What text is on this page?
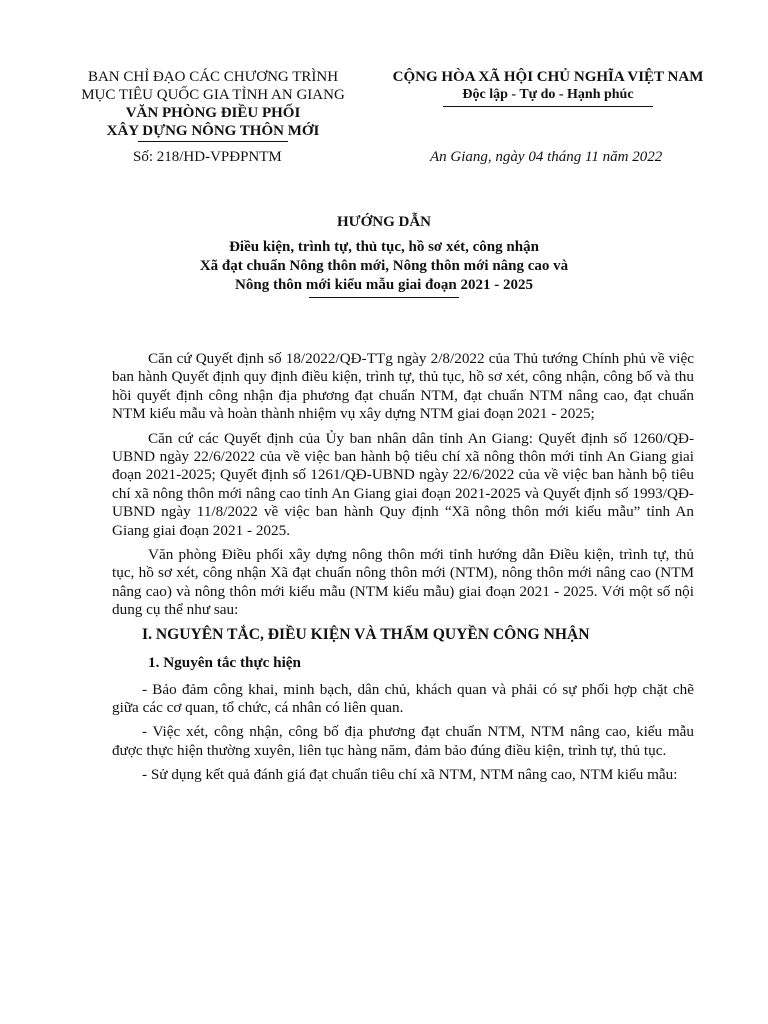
BAN CHỈ ĐẠO CÁC CHƯƠNG TRÌNH
MỤC TIÊU QUỐC GIA TỈNH AN GIANG
VĂN PHÒNG ĐIỀU PHỐI
XÂY DỰNG NÔNG THÔN MỚI
CỘNG HÒA XÃ HỘI CHỦ NGHĨA VIỆT NAM
Độc lập - Tự do - Hạnh phúc
Số: 218/HD-VPĐPNTM	An Giang, ngày 04 tháng 11 năm 2022
HƯỚNG DẪN
Điều kiện, trình tự, thủ tục, hồ sơ xét, công nhận
Xã đạt chuẩn Nông thôn mới, Nông thôn mới nâng cao và
Nông thôn mới kiểu mẫu giai đoạn 2021 - 2025

Căn cứ Quyết định số 18/2022/QĐ-TTg ngày 2/8/2022 của Thủ tướng Chính phủ về việc ban hành Quyết định quy định điều kiện, trình tự, thủ tục, hồ sơ xét, công nhận, công bố và thu hồi quyết định công nhận địa phương đạt chuẩn NTM, đạt chuẩn NTM nâng cao, đạt chuẩn NTM kiểu mẫu và hoàn thành nhiệm vụ xây dựng NTM giai đoạn 2021 - 2025;

Căn cứ các Quyết định của Ủy ban nhân dân tỉnh An Giang: Quyết định số 1260/QĐ-UBND ngày 22/6/2022 của về việc ban hành bộ tiêu chí xã nông thôn mới tỉnh An Giang giai đoạn 2021-2025; Quyết định số 1261/QĐ-UBND ngày 22/6/2022 của về việc ban hành bộ tiêu chí xã nông thôn mới nâng cao tỉnh An Giang giai đoạn 2021-2025 và Quyết định số 1993/QĐ-UBND ngày 11/8/2022 về việc ban hành Quy định “Xã nông thôn mới kiểu mẫu” tỉnh An Giang giai đoạn 2021 - 2025.

Văn phòng Điều phối xây dựng nông thôn mới tỉnh hướng dẫn Điều kiện, trình tự, thủ tục, hồ sơ xét, công nhận Xã đạt chuẩn nông thôn mới (NTM), nông thôn mới nâng cao (NTM nâng cao) và nông thôn mới kiểu mẫu (NTM kiểu mẫu) giai đoạn 2021 - 2025. Với một số nội dung cụ thể như sau:

I. NGUYÊN TẮC, ĐIỀU KIỆN VÀ THẨM QUYỀN CÔNG NHẬN

1. Nguyên tắc thực hiện

- Bảo đảm công khai, minh bạch, dân chủ, khách quan và phải có sự phối hợp chặt chẽ giữa các cơ quan, tổ chức, cá nhân có liên quan.

- Việc xét, công nhận, công bố địa phương đạt chuẩn NTM, NTM nâng cao, kiểu mẫu được thực hiện thường xuyên, liên tục hàng năm, đảm bảo đúng điều kiện, trình tự, thủ tục.

- Sử dụng kết quả đánh giá đạt chuẩn tiêu chí xã NTM, NTM nâng cao, NTM kiểu mẫu:
